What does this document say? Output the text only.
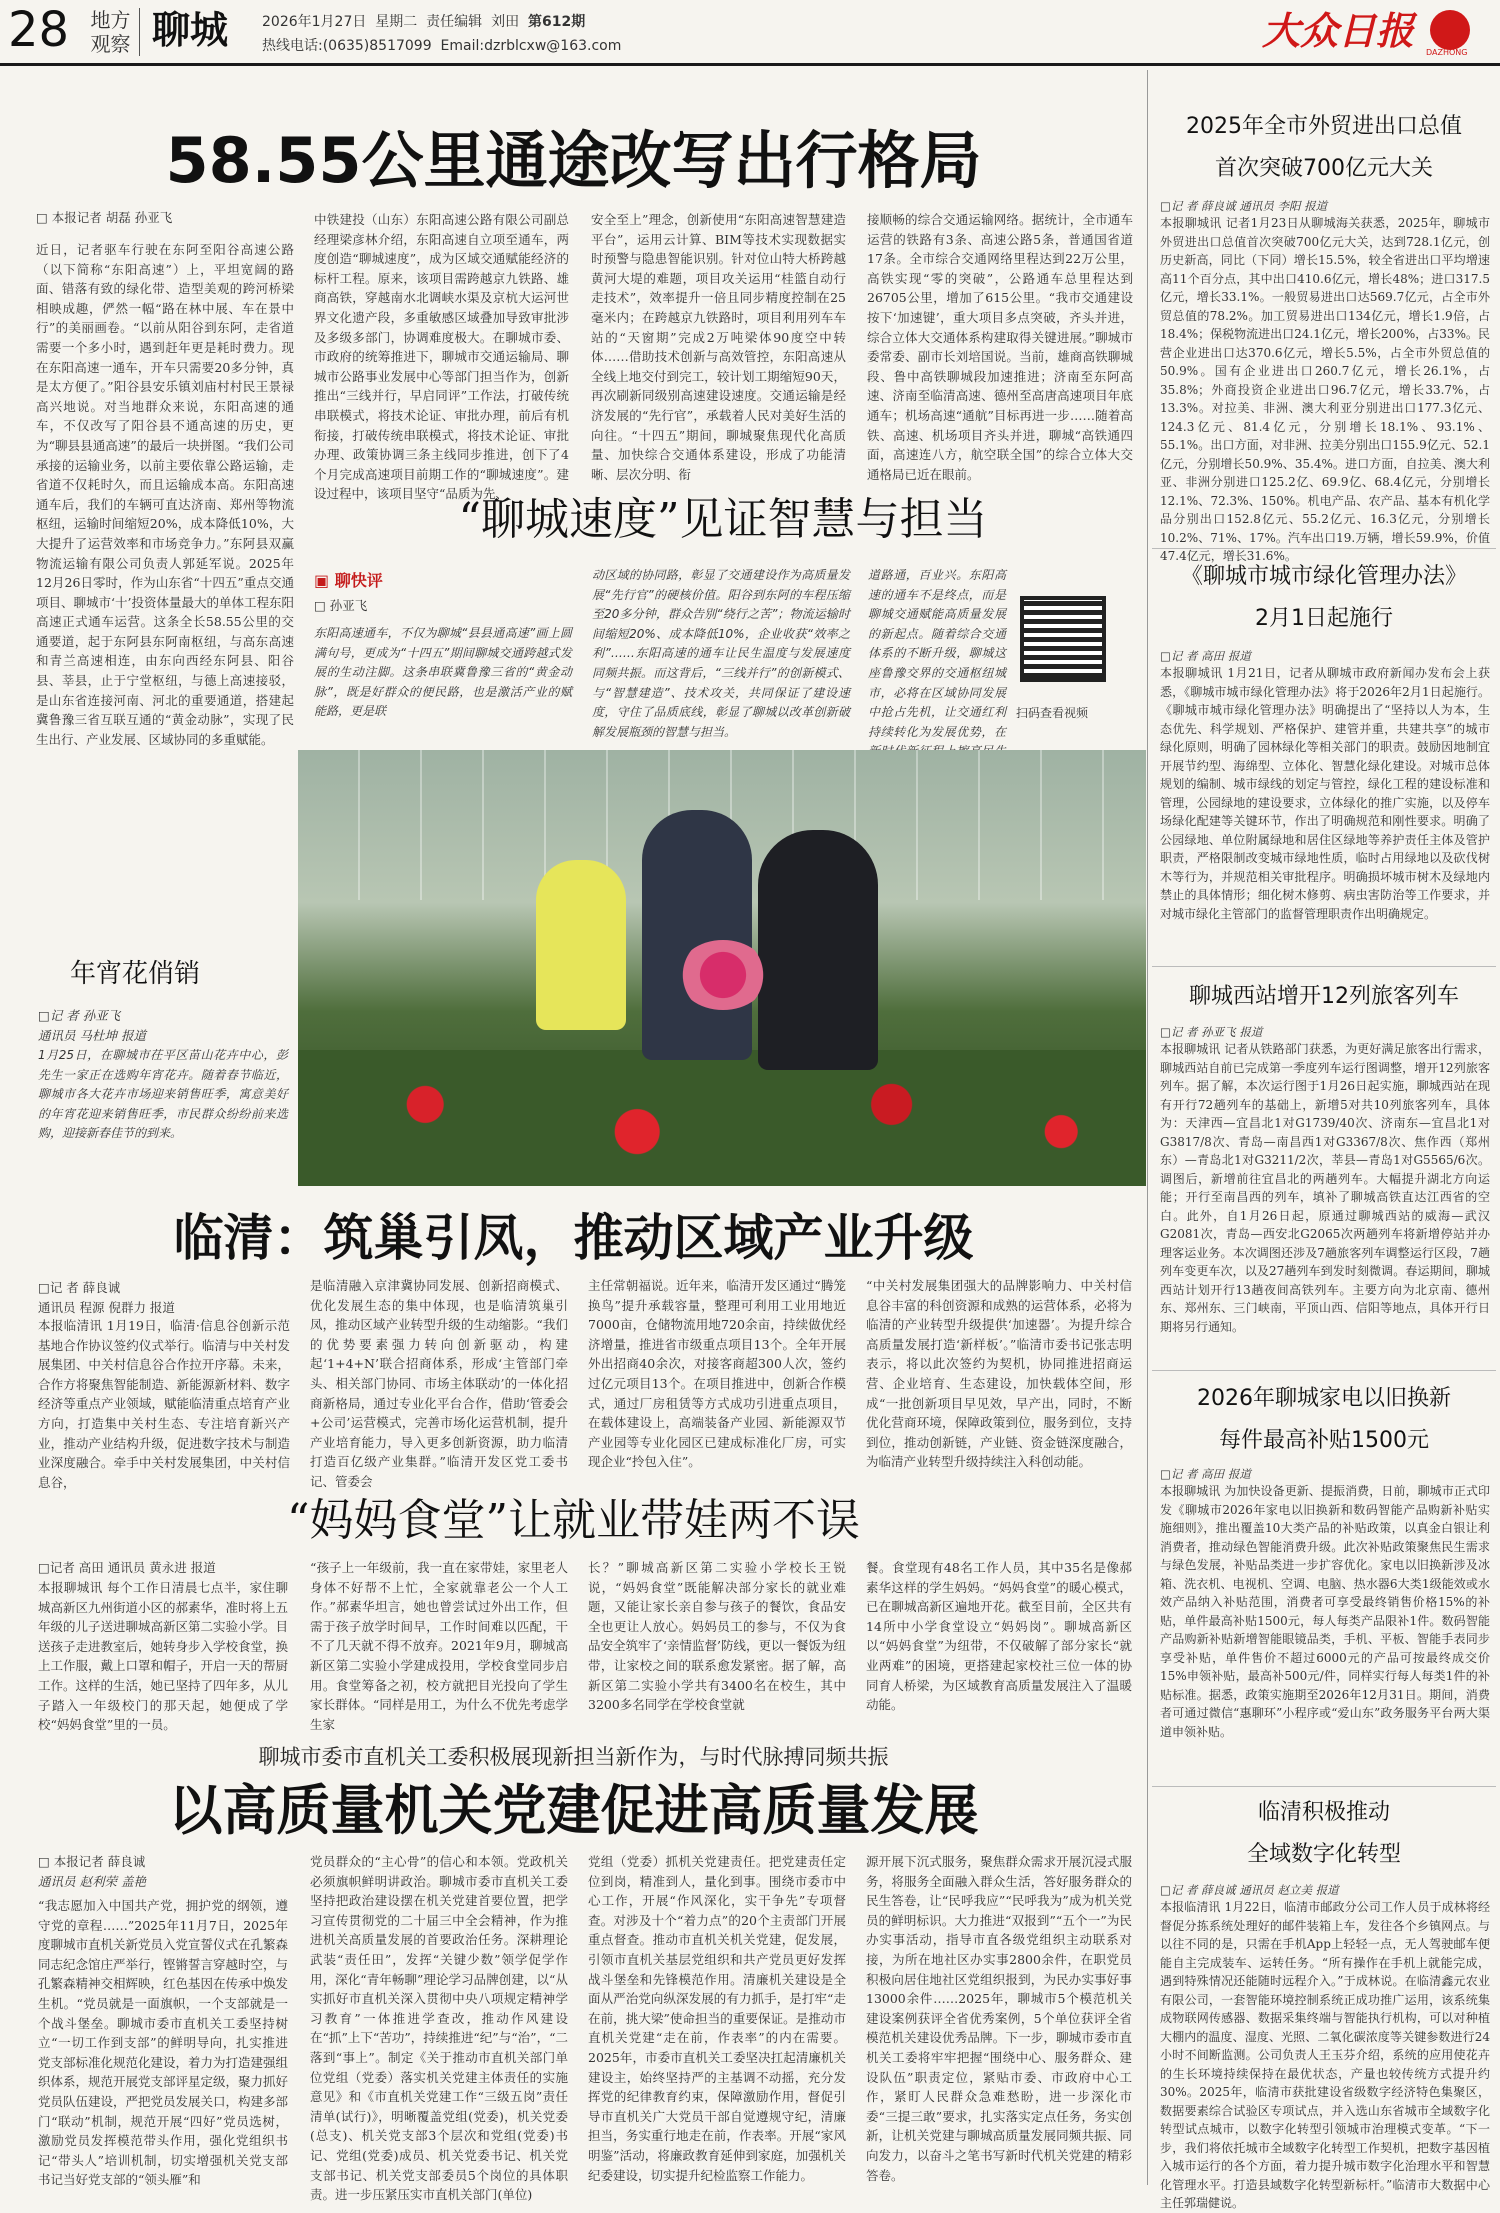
28	地方
观察 聊城 2026年1月27日 星期二 责任编辑 刘田 第612期
热线电话:(0635)8517099 Email:dzrblcxw@163.com	大众日报 DAZHONG
58.55公里通途改写出行格局
□ 本报记者 胡磊 孙亚飞
近日，记者驱车行驶在东阿至阳谷高速公路（以下简称“东阳高速”）上，平坦宽阔的路面、错落有致的绿化带、造型美观的跨河桥梁相映成趣，俨然一幅“路在林中展、车在景中行”的美丽画卷。“以前从阳谷到东阿，走省道需要一个多小时，遇到赶年更是耗时费力。现在东阳高速一通车，开车只需要20多分钟，真是太方便了。”阳谷县安乐镇刘庙村村民王景禄高兴地说。对当地群众来说，东阳高速的通车，不仅改写了阳谷县不通高速的历史，更为“聊县县通高速”的最后一块拼图。“我们公司承接的运输业务，以前主要依靠公路运输，走省道不仅耗时久，而且运输成本高。东阳高速通车后，我们的车辆可直达济南、郑州等物流枢纽，运输时间缩短20%，成本降低10%，大大提升了运营效率和市场竞争力。”东阿县双赢物流运输有限公司负责人郭延军说。2025年12月26日零时，作为山东省“十四五”重点交通项目、聊城市‘十’投资体量最大的单体工程东阳高速正式通车运营。这条全长58.55公里的交通要道，起于东阿县东阿南枢纽，与高东高速和青兰高速相连，由东向西经东阿县、阳谷县、莘县，止于宁堂枢纽，与德上高速接驳，是山东省连接河南、河北的重要通道，搭建起冀鲁豫三省互联互通的“黄金动脉”，实现了民生出行、产业发展、区域协同的多重赋能。
中铁建投（山东）东阳高速公路有限公司副总经理梁彦林介绍，东阳高速自立项至通车，两度创造“聊城速度”，成为区域交通赋能经济的标杆工程。原来，该项目需跨越京九铁路、雄商高铁，穿越南水北调峡水渠及京杭大运河世界文化遗产段，多重敏感区域叠加导致审批涉及多级多部门，协调难度极大。在聊城市委、市政府的统筹推进下，聊城市交通运输局、聊城市公路事业发展中心等部门担当作为，创新推出“三线并行，早启同评”工作法，打破传统串联模式，将技术论证、审批办理，前后有机衔接，打破传统串联模式，将技术论证、审批办理、政策协调三条主线同步推进，创下了4个月完成高速项目前期工作的“聊城速度”。建设过程中，该项目坚守“品质为先、
安全至上”理念，创新使用“东阳高速智慧建造平台”，运用云计算、BIM等技术实现数据实时预警与隐患智能识别。针对位山特大桥跨越黄河大堤的难题，项目攻关运用“桂篮自动行走技术”，效率提升一倍且同步精度控制在25毫米内；在跨越京九铁路时，项目利用列车车站的“天窗期”完成2万吨梁体90度空中转体……借助技术创新与高效管控，东阳高速从全线上地交付到完工，较计划工期缩短90天，再次刷新同级别高速建设速度。交通运输是经济发展的“先行官”，承载着人民对美好生活的向往。“十四五”期间，聊城聚焦现代化高质量、加快综合交通体系建设，形成了功能清晰、层次分明、衔
接顺畅的综合交通运输网络。据统计，全市通车运营的铁路有3条、高速公路5条，普通国省道17条。全市综合交通网络里程达到22万公里，高铁实现“零的突破”，公路通车总里程达到26705公里，增加了615公里。“我市交通建设按下‘加速键’，重大项目多点突破，齐头并进，综合立体大交通体系构建取得关键进展。”聊城市委常委、副市长刘培国说。当前，雄商高铁聊城段、鲁中高铁聊城段加速推进；济南至东阿高速、济南至临清高速、德州至高唐高速项目年底通车；机场高速“通航”目标再进一步……随着高铁、高速、机场项目齐头并进，聊城“高铁通四面，高速连八方，航空联全国”的综合立体大交通格局已近在眼前。
“聊城速度”见证智慧与担当
▣ 聊快评
□ 孙亚飞
东阳高速通车，不仅为聊城“县县通高速”画上圆满句号，更成为“十四五”期间聊城交通跨越式发展的生动注脚。这条串联冀鲁豫三省的“黄金动脉”，既是好群众的便民路，也是激活产业的赋能路，更是联
动区域的协同路，彰显了交通建设作为高质量发展“先行官”的硬核价值。阳谷到东阿的车程压缩至20多分钟，群众告别“绕行之苦”；物流运输时间缩短20%、成本降低10%，企业收获“效率之利”……东阳高速的通车让民生温度与发展速度同频共振。而这背后，“三线并行”的创新模式、与“智慧建造”、技术攻关，共同保证了建设速度，守住了品质底线，彰显了聊城以改革创新破解发展瓶颈的智慧与担当。
道路通，百业兴。东阳高速的通车不是终点，而是聊城交通赋能高质量发展的新起点。随着综合交通体系的不断升级，聊城这座鲁豫交界的交通枢纽城市，必将在区域协同发展中抢占先机，让交通红利持续转化为发展优势，在
扫码查看视频
年宵花俏销
□记 者 孙亚飞
通讯员 马杜坤 报道
1月25日，在聊城市茌平区苗山花卉中心，彭先生一家正在选购年宵花卉。随着春节临近，聊城市各大花卉市场迎来销售旺季，寓意美好的年宵花迎来销售旺季，市民群众纷纷前来选购，迎接新春佳节的到来。
临清：筑巢引凤，推动区域产业升级
□记 者 薛良诚
通讯员 程源 倪群力 报道
本报临清讯 1月19日，临清·信息谷创新示范基地合作协议签约仪式举行。临清与中关村发展集团、中关村信息谷合作拉开序幕。未来，合作方将聚焦智能制造、新能源新材料、数字经济等重点产业领域，赋能临清重点培育产业方向，打造集中关村生态、专注培育新兴产业，推动产业结构升级，促进数字技术与制造业深度融合。牵手中关村发展集团，中关村信息谷，
是临清融入京津冀协同发展、创新招商模式、优化发展生态的集中体现，也是临清筑巢引凤，推动区域产业转型升级的生动缩影。“我们的优势要素强力转向创新驱动，构建起‘1+4+N’联合招商体系，形成‘主管部门牵头、相关部门协同、市场主体联动’的一体化招商新格局，通过专业化平台合作，借助‘管委会+公司’运营模式，完善市场化运营机制，提升产业培育能力，导入更多创新资源，助力临清打造百亿级产业集群。”临清开发区党工委书记、管委会
主任常朝福说。近年来，临清开发区通过“腾笼换鸟”提升承载容量，整理可利用工业用地近7000亩，仓储物流用地720余亩，持续做优经济增量，推进省市级重点项目13个。全年开展外出招商40余次，对接客商超300人次，签约过亿元项目13个。在项目推进中，创新合作模式，通过厂房租赁等方式成功引进重点项目，在载体建设上，高端装备产业园、新能源双节产业园等专业化园区已建成标准化厂房，可实现企业“拎包入住”。
“中关村发展集团强大的品牌影响力、中关村信息谷丰富的科创资源和成熟的运营体系，必将为临清的产业转型升级提供‘加速器’。为提升综合高质量发展打造‘新样板’。”临清市委书记张志明表示，将以此次签约为契机，协同推进招商运营、企业培育、生态建设，加快载体空间，形成“一批创新项目早见效，早产出，同时，不断优化营商环境，保障政策到位，服务到位，支持到位，推动创新链，产业链、资金链深度融合，为临清产业转型升级持续注入科创动能。
“妈妈食堂”让就业带娃两不误
□记者 高田 通讯员 黄永进 报道
本报聊城讯 每个工作日清晨七点半，家住聊城高新区九州街道小区的郝素华，准时将上五年级的儿子送进聊城高新区第二实验小学。目送孩子走进教室后，她转身步入学校食堂，换上工作服，戴上口罩和帽子，开启一天的帮厨工作。这样的生活，她已坚持了四年多，从儿子踏入一年级校门的那天起，她便成了学校“妈妈食堂”里的一员。
“孩子上一年级前，我一直在家带娃，家里老人身体不好帮不上忙，全家就靠老公一个人工作。”郝素华坦言，她也曾尝试过外出工作，但需于孩子放学时间早，工作时间难以匹配，干不了几天就不得不放弃。2021年9月，聊城高新区第二实验小学建成投用，学校食堂同步启用。食堂筹备之初，校方就把目光投向了学生家长群体。“同样是用工，为什么不优先考虑学生家
长？”聊城高新区第二实验小学校长王锐说，“妈妈食堂”既能解决部分家长的就业难题，又能让家长亲自参与孩子的餐饮，食品安全也更让人放心。妈妈员工的参与，不仅为食品安全筑牢了‘亲情监督’防线，更以一餐饭为纽带，让家校之间的联系愈发紧密。据了解，高新区第二实验小学共有3400名在校生，其中3200多名同学在学校食堂就
餐。食堂现有48名工作人员，其中35名是像郝素华这样的学生妈妈。“妈妈食堂”的暖心模式，已在聊城高新区遍地开花。截至目前，全区共有14所中小学食堂设立“妈妈岗”。聊城高新区以“妈妈食堂”为纽带，不仅破解了部分家长“就业两难”的困境，更搭建起家校社三位一体的协同育人桥梁，为区域教育高质量发展注入了温暖动能。
聊城市委市直机关工委积极展现新担当新作为，与时代脉搏同频共振
以高质量机关党建促进高质量发展
□ 本报记者 薛良诚
通讯员 赵利荣 盖艳
“我志愿加入中国共产党，拥护党的纲领，遵守党的章程……”2025年11月7日，2025年度聊城市直机关新党员入党宣誓仪式在孔繁森同志纪念馆庄严举行，铿锵誓言穿越时空，与孔繁森精神交相辉映，红色基因在传承中焕发生机。“党员就是一面旗帜，一个支部就是一个战斗堡垒。聊城市委市直机关工委坚持树立“一切工作到支部”的鲜明导向，扎实推进党支部标准化规范化建设，着力为打造建强组织体系，规范开展党支部评星定级，聚力抓好党员队伍建设，严把党员发展关口，构建多部门“联动”机制，规范开展“四好”党员选树，激励党员发挥模范带头作用，强化党组织书记“带头人”培训机制，切实增强机关党支部书记当好党支部的“领头雁”和
党员群众的“主心骨”的信心和本领。党政机关必须旗帜鲜明讲政治。聊城市委市直机关工委坚持把政治建设摆在机关党建首要位置，把学习宣传贯彻党的二十届三中全会精神，作为推进机关高质量发展的首要政治任务。深耕理论武装“责任田”，发挥“关键少数”领学促学作用，深化“青年畅聊”理论学习品牌创建，以“从实抓好市直机关深入贯彻中央八项规定精神学习教育”一体推进学查改，推动作风建设在“抓”上下“苦功”，持续推进“纪”与“治”，“二落到“事上”。制定《关于推动市直机关部门单位党组（党委）落实机关党建主体责任的实施意见》和《市直机关党建工作“三级五岗”责任清单(试行)》，明晰覆盖党组(党委)，机关党委(总支)、机关党支部3个层次和党组(党委)书记、党组(党委)成员、机关党委书记、机关党支部书记、机关党支部委员5个岗位的具体职责。进一步压紧压实市直机关部门(单位)
党组（党委）抓机关党建责任。把党建责任定位到岗，精准到人，量化到事。围绕市委市中心工作，开展“作风深化，实干争先”专项督查。对涉及十个“着力点”的20个主责部门开展重点督查。推动市直机关机关党建，促发展，引领市直机关基层党组织和共产党员更好发挥战斗堡垒和先锋模范作用。清廉机关建设是全面从严治党向纵深发展的有力抓手，是打牢“走在前，挑大梁”使命担当的重要保证。是推动市直机关党建“走在前，作表率”的内在需要。2025年，市委市直机关工委坚决扛起清廉机关建设主，始终坚持严的主基调不动摇，充分发挥党的纪律教育约束，保障激励作用，督促引导市直机关广大党员干部自觉遵规守纪，清廉担当，务实重行地走在前，作表率。开展“家风明鉴”活动，将廉政教育延伸到家庭，加强机关纪委建设，切实提升纪检监察工作能力。
源开展下沉式服务，聚焦群众需求开展沉浸式服务，将服务全面融入群众生活，答好服务群众的民生答卷，让“民呼我应”“民呼我为”成为机关党员的鲜明标识。大力推进“双报到”“五个一”为民办实事活动，指导市直各级党组织主动联系对接，为所在地社区办实事2800余件，在职党员积极向居住地社区党组织报到，为民办实事好事13000余件……2025年，聊城市5个模范机关建设案例获评全省优秀案例，5个单位获评全省模范机关建设优秀品牌。下一步，聊城市委市直机关工委将牢牢把握“围绕中心、服务群众、建设队伍”职责定位，紧贴市委、市政府中心工作，紧盯人民群众急难愁盼，进一步深化市委“三提三敢”要求，扎实落实定点任务，务实创新，让机关党建与聊城高质量发展同频共振、同向发力，以奋斗之笔书写新时代机关党建的精彩答卷。
2025年全市外贸进出口总值
首次突破700亿元大关
□记 者 薛良诚 通讯员 李阳 报道
本报聊城讯 记者1月23日从聊城海关获悉，2025年，聊城市外贸进出口总值首次突破700亿元大关，达到728.1亿元，创历史新高，同比（下同）增长15.5%，较全省进出口平均增速高11个百分点，其中出口410.6亿元，增长48%；进口317.5亿元，增长33.1%。一般贸易进出口达569.7亿元，占全市外贸总值的78.2%。加工贸易进出口134亿元，增长1.9倍，占18.4%；保税物流进出口24.1亿元，增长200%，占33%。民营企业进出口达370.6亿元，增长5.5%，占全市外贸总值的50.9%。国有企业进出口260.7亿元，增长26.1%，占35.8%；外商投资企业进出口96.7亿元，增长33.7%，占13.3%。对拉美、非洲、澳大利亚分别进出口177.3亿元、124.3亿元、81.4亿元，分别增长18.1%、93.1%、55.1%。出口方面，对非洲、拉美分别出口155.9亿元、52.1亿元，分别增长50.9%、35.4%。进口方面，自拉美、澳大利亚、非洲分别进口125.2亿、69.9亿、68.4亿元，分别增长12.1%、72.3%、150%。机电产品、农产品、基本有机化学品分别出口152.8亿元、55.2亿元、16.3亿元，分别增长10.2%、71%、17%。汽车出口19.万辆，增长59.9%，价值47.4亿元，增长31.6%。
《聊城市城市绿化管理办法》
2月1日起施行
□记 者 高田 报道
本报聊城讯 1月21日，记者从聊城市政府新闻办发布会上获悉，《聊城市城市绿化管理办法》将于2026年2月1日起施行。《聊城市城市绿化管理办法》明确提出了“坚持以人为本，生态优先、科学规划、严格保护、建管并重，共建共享”的城市绿化原则，明确了园林绿化等相关部门的职责。鼓励因地制宜开展节约型、海绵型、立体化、智慧化绿化建设。对城市总体规划的编制、城市绿线的划定与管控，绿化工程的建设标准和管理，公园绿地的建设要求，立体绿化的推广实施，以及停车场绿化配建等关键环节，作出了明确规范和刚性要求。明确了公园绿地、单位附属绿地和居住区绿地等养护责任主体及管护职责，严格限制改变城市绿地性质，临时占用绿地以及砍伐树木等行为，并规范相关审批程序。明确损坏城市树木及绿地内禁止的具体情形；细化树木修剪、病虫害防治等工作要求，并对城市绿化主管部门的监督管理职责作出明确规定。
聊城西站增开12列旅客列车
□记 者 孙亚飞 报道
本报聊城讯 记者从铁路部门获悉，为更好满足旅客出行需求，聊城西站自前已完成第一季度列车运行图调整，增开12列旅客列车。据了解，本次运行图于1月26日起实施，聊城西站在现有开行72趟列车的基础上，新增5对共10列旅客列车，具体为：天津西—宜昌北1对G1739/40次、济南东—宜昌北1对G3817/8次、青岛—南昌西1对G3367/8次、焦作西（郑州东）—青岛北1对G3211/2次，莘县—青岛1对G5565/6次。调图后，新增前往宜昌北的两趟列车。大幅提升湖北方向运能；开行至南昌西的列车，填补了聊城高铁直达江西省的空白。此外，自1月26日起，原通过聊城西站的威海—武汉G2081次，青岛—西安北G2065次两趟列车将新增停站并办理客运业务。本次调图还涉及7趟旅客列车调整运行区段，7趟列车变更车次，以及27趟列车到发时刻微调。春运期间，聊城西站计划开行13趟夜间高铁列车。主要方向为北京南、德州东、郑州东、三门峡南，平顶山西、信阳等地点，具体开行日期将另行通知。
2026年聊城家电以旧换新
每件最高补贴1500元
□记 者 高田 报道
本报聊城讯 为加快设备更新、提振消费，日前，聊城市正式印发《聊城市2026年家电以旧换新和数码智能产品购新补贴实施细则》，推出覆盖10大类产品的补贴政策，以真金白银让利消费者，推动绿色智能消费升级。此次补贴政策聚焦民生需求与绿色发展，补贴品类进一步扩容优化。家电以旧换新涉及冰箱、洗衣机、电视机、空调、电脑、热水器6大类1级能效或水效产品纳入补贴范围，消费者可享受最终销售价格15%的补贴，单件最高补贴1500元，每人每类产品限补1件。数码智能产品购新补贴新增智能眼镜品类，手机、平板、智能手表同步享受补贴，单件售价不超过6000元的产品可按最终成交价15%申领补贴，最高补500元/件，同样实行每人每类1件的补贴标准。据悉，政策实施期至2026年12月31日。期间，消费者可通过微信“惠聊环”小程序或“爱山东”政务服务平台两大渠道申领补贴。
临清积极推动
全域数字化转型
□记 者 薛良诚 通讯员 赵立美 报道
本报临清讯 1月22日，临清市邮政分公司工作人员于成林将经督促分拣系统处理好的邮件装箱上车，发往各个乡镇网点。与以往不同的是，只需在手机App上轻轻一点，无人驾驶邮车便能自主完成装车、运转任务。“所有操作在手机上就能完成，遇到特殊情况还能随时远程介入。”于成林说。在临清鑫元农业有限公司，一套智能环境控制系统正成功推广运用，该系统集成物联网传感器、数据采集终端与智能执行机构，可以对种植大棚内的温度、湿度、光照、二氧化碳浓度等关键参数进行24小时不间断监测。公司负责人王玉芬介绍，系统的应用使花卉的生长环境持续保持在最优状态，产量也较传统方式提升约30%。2025年，临清市获批建设省级数字经济特色集聚区，数据要素综合试验区专项试点，并入选山东省城市全域数字化转型试点城市，以数字化转型引领城市治理模式变革。“下一步，我们将依托城市全域数字化转型工作契机，把数字基因植入城市运行的各个方面，着力提升城市数字化治理水平和智慧化管理水平。打造县域数字化转型新标杆。”临清市大数据中心主任郭瑞健说。
